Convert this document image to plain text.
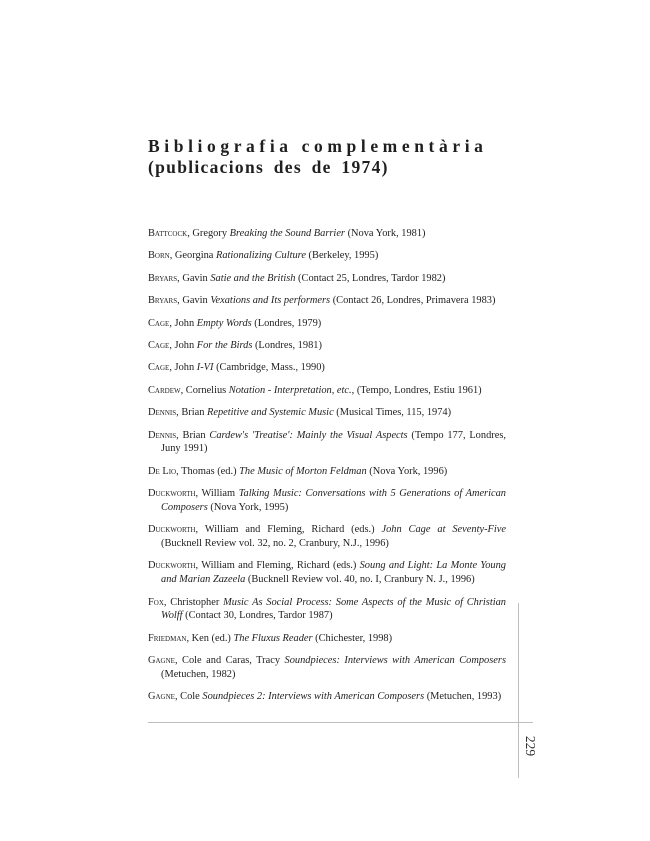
Bibliografia complementària
(publicacions des de 1974)

Battcock, Gregory Breaking the Sound Barrier (Nova York, 1981)

Born, Georgina Rationalizing Culture (Berkeley, 1995)

Bryars, Gavin Satie and the British (Contact 25, Londres, Tardor 1982)

Bryars, Gavin Vexations and Its performers (Contact 26, Londres, Primavera 1983)

Cage, John Empty Words (Londres, 1979)

Cage, John For the Birds (Londres, 1981)

Cage, John I-VI (Cambridge, Mass., 1990)

Cardew, Cornelius Notation - Interpretation, etc., (Tempo, Londres, Estiu 1961)

Dennis, Brian Repetitive and Systemic Music (Musical Times, 115, 1974)

Dennis, Brian Cardew's 'Treatise': Mainly the Visual Aspects (Tempo 177, Londres, Juny 1991)

De Lio, Thomas (ed.) The Music of Morton Feldman (Nova York, 1996)

Duckworth, William Talking Music: Conversations with 5 Generations of American Composers (Nova York, 1995)

Duckworth, William and Fleming, Richard (eds.) John Cage at Seventy-Five (Bucknell Review vol. 32, no. 2, Cranbury, N.J., 1996)

Duckworth, William and Fleming, Richard (eds.) Soung and Light: La Monte Young and Marian Zazeela (Bucknell Review vol. 40, no. I, Cranbury N. J., 1996)

Fox, Christopher Music As Social Process: Some Aspects of the Music of Christian Wolff (Contact 30, Londres, Tardor 1987)

Friedman, Ken (ed.) The Fluxus Reader (Chichester, 1998)

Gagne, Cole and Caras, Tracy Soundpieces: Interviews with American Composers (Metuchen, 1982)

Gagne, Cole Soundpieces 2: Interviews with American Composers (Metuchen, 1993)

229
